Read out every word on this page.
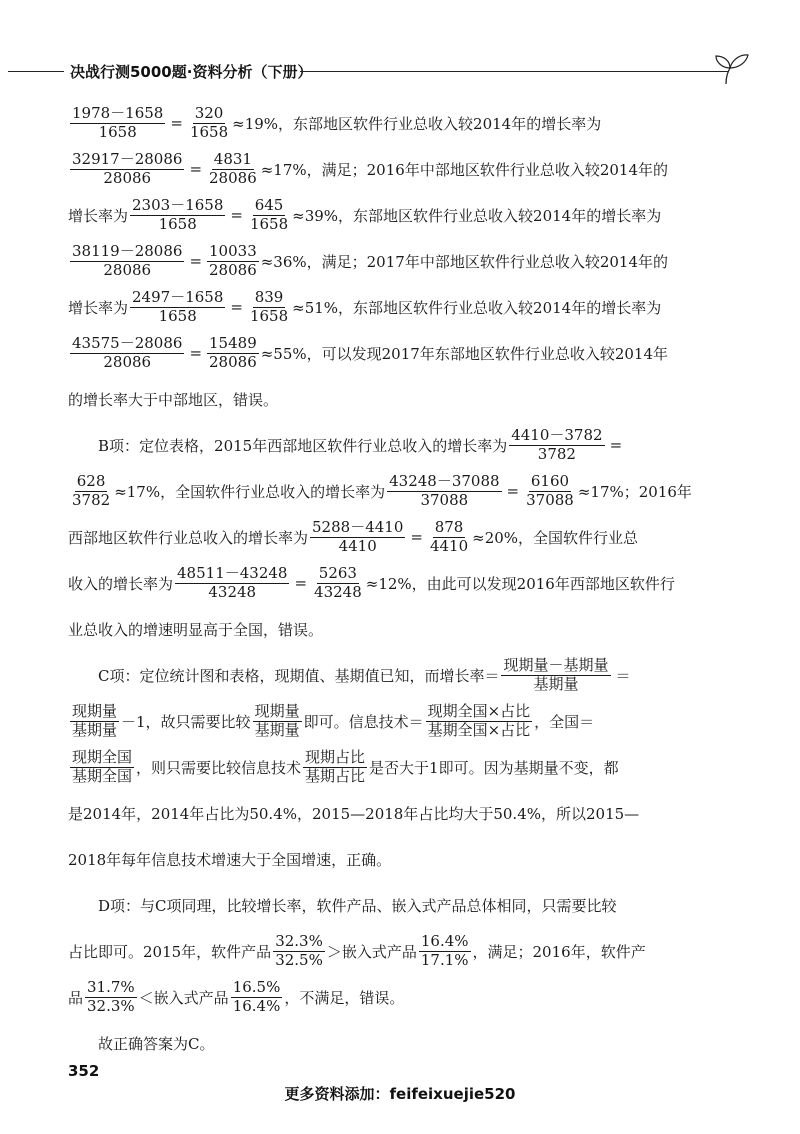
决战行测5000题·资料分析（下册）
$\frac{1978-1658}{1658} = \frac{320}{1658} \approx 19\%$，东部地区软件行业总收入较2014年的增长率为
$\frac{32917-28086}{28086} = \frac{4831}{28086} \approx 17\%$，满足；2016年中部地区软件行业总收入较2014年的
增长率为 $\frac{2303-1658}{1658} = \frac{645}{1658} \approx 39\%$，东部地区软件行业总收入较2014年的增长率为
$\frac{38119-28086}{28086} = \frac{10033}{28086} \approx 36\%$，满足；2017年中部地区软件行业总收入较2014年的
增长率为 $\frac{2497-1658}{1658} = \frac{839}{1658} \approx 51\%$，东部地区软件行业总收入较2014年的增长率为
$\frac{43575-28086}{28086} = \frac{15489}{28086} \approx 55\%$，可以发现2017年东部地区软件行业总收入较2014年
的增长率大于中部地区，错误。
B项：定位表格，2015年西部地区软件行业总收入的增长率为 $\frac{4410-3782}{3782}$ =
$\frac{628}{3782} \approx 17\%$，全国软件行业总收入的增长率为 $\frac{43248-37088}{37088} = \frac{6160}{37088} \approx 17\%$；2016年
西部地区软件行业总收入的增长率为 $\frac{5288-4410}{4410} = \frac{878}{4410} \approx 20\%$，全国软件行业总
收入的增长率为 $\frac{48511-43248}{43248} = \frac{5263}{43248} \approx 12\%$，由此可以发现2016年西部地区软件行
业总收入的增速明显高于全国，错误。
C项：定位统计图和表格，现期值、基期值已知，而增长率＝ $\frac{\text{现期量－基期量}}{\text{基期量}}$ ＝
$\frac{\text{现期量}}{\text{基期量}} -1$，故只需要比较 $\frac{\text{现期量}}{\text{基期量}}$ 即可。信息技术＝ $\frac{\text{现期全国×占比}}{\text{基期全国×占比}}$ ，全国＝
$\frac{\text{现期全国}}{\text{基期全国}}$ ，则只需要比较信息技术 $\frac{\text{现期占比}}{\text{基期占比}}$ 是否大于1即可。因为基期量不变，都
是2014年，2014年占比为50.4%，2015—2018年占比均大于50.4%，所以2015—
2018年每年信息技术增速大于全国增速，正确。
D项：与C项同理，比较增长率，软件产品、嵌入式产品总体相同，只需要比较
占比即可。2015年，软件产品 $\frac{32.3\%}{32.5\%}$ ＞嵌入式产品 $\frac{16.4\%}{17.1\%}$ ，满足；2016年，软件产
品 $\frac{31.7\%}{32.3\%}$ ＜嵌入式产品 $\frac{16.5\%}{16.4\%}$ ，不满足，错误。
故正确答案为C。
352
更多资料添加：feifeixuejie520
